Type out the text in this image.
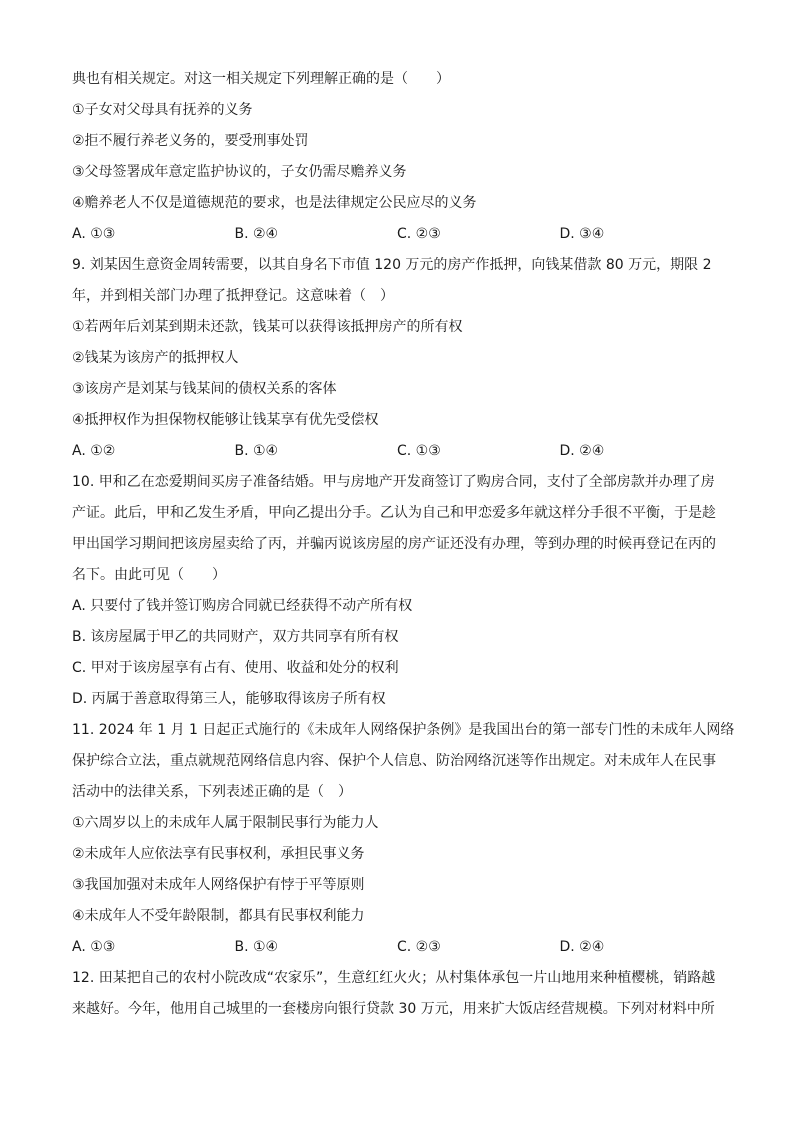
典也有相关规定。对这一相关规定下列理解正确的是（　　）
①子女对父母具有抚养的义务
②拒不履行养老义务的，要受刑事处罚
③父母签署成年意定监护协议的，子女仍需尽赡养义务
④赡养老人不仅是道德规范的要求，也是法律规定公民应尽的义务
A. ①③	B. ②④	C. ②③	D. ③④
9. 刘某因生意资金周转需要，以其自身名下市值 120 万元的房产作抵押，向钱某借款 80 万元，期限 2
年，并到相关部门办理了抵押登记。这意味着（　）
①若两年后刘某到期未还款，钱某可以获得该抵押房产的所有权
②钱某为该房产的抵押权人
③该房产是刘某与钱某间的债权关系的客体
④抵押权作为担保物权能够让钱某享有优先受偿权
A. ①②	B. ①④	C. ①③	D. ②④
10. 甲和乙在恋爱期间买房子准备结婚。甲与房地产开发商签订了购房合同，支付了全部房款并办理了房
产证。此后，甲和乙发生矛盾，甲向乙提出分手。乙认为自己和甲恋爱多年就这样分手很不平衡，于是趁
甲出国学习期间把该房屋卖给了丙，并骗丙说该房屋的房产证还没有办理，等到办理的时候再登记在丙的
名下。由此可见（　　）
A. 只要付了钱并签订购房合同就已经获得不动产所有权
B. 该房屋属于甲乙的共同财产，双方共同享有所有权
C. 甲对于该房屋享有占有、使用、收益和处分的权利
D. 丙属于善意取得第三人，能够取得该房子所有权
11. 2024 年 1 月 1 日起正式施行的《未成年人网络保护条例》是我国出台的第一部专门性的未成年人网络
保护综合立法，重点就规范网络信息内容、保护个人信息、防治网络沉迷等作出规定。对未成年人在民事
活动中的法律关系，下列表述正确的是（　）
①六周岁以上的未成年人属于限制民事行为能力人
②未成年人应依法享有民事权利，承担民事义务
③我国加强对未成年人网络保护有悖于平等原则
④未成年人不受年龄限制，都具有民事权利能力
A. ①③	B. ①④	C. ②③	D. ②④
12. 田某把自己的农村小院改成“农家乐”，生意红红火火；从村集体承包一片山地用来种植樱桃，销路越
来越好。今年，他用自己城里的一套楼房向银行贷款 30 万元，用来扩大饭店经营规模。下列对材料中所
